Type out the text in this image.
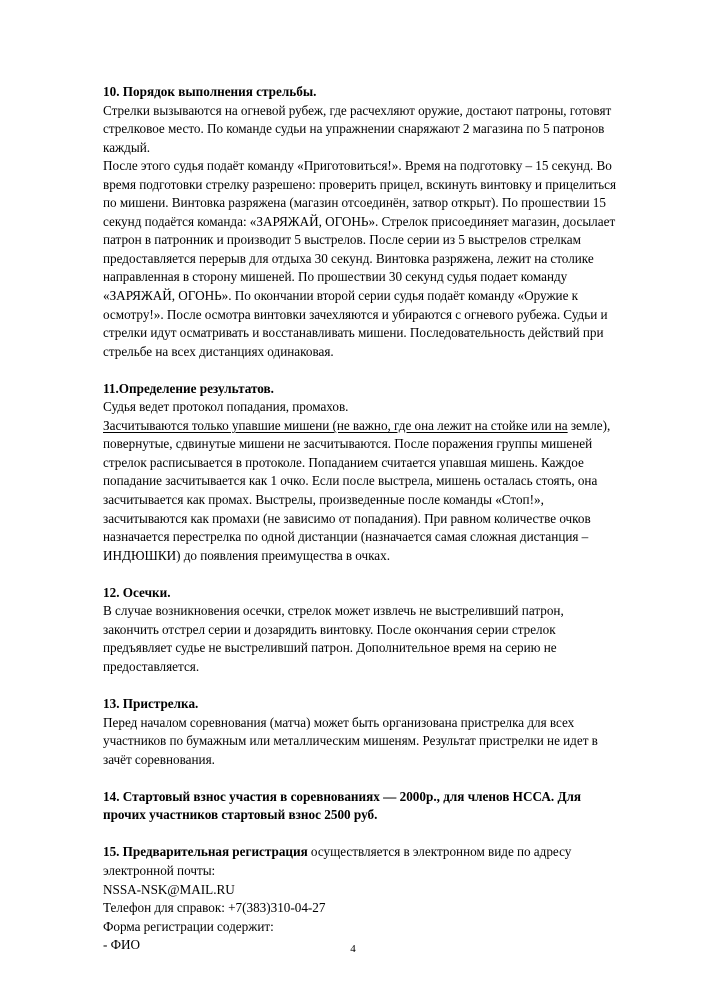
10. Порядок выполнения стрельбы.

Стрелки вызываются на огневой рубеж, где расчехляют оружие, достают патроны, готовят стрелковое место. По команде судьи на упражнении снаряжают 2 магазина по 5 патронов каждый.

После этого судья подаёт команду «Приготовиться!». Время на подготовку – 15 секунд. Во время подготовки стрелку разрешено: проверить прицел, вскинуть винтовку и прицелиться по мишени. Винтовка разряжена (магазин отсоединён, затвор открыт). По прошествии 15 секунд подаётся команда: «ЗАРЯЖАЙ, ОГОНЬ». Стрелок присоединяет магазин, досылает патрон в патронник и производит 5 выстрелов. После серии из 5 выстрелов стрелкам предоставляется перерыв для отдыха 30 секунд. Винтовка разряжена, лежит на столике направленная в сторону мишеней. По прошествии 30 секунд судья подает команду «ЗАРЯЖАЙ, ОГОНЬ». По окончании второй серии судья подаёт команду «Оружие к осмотру!». После осмотра винтовки зачехляются и убираются с огневого рубежа. Судьи и стрелки идут осматривать и восстанавливать мишени. Последовательность действий при стрельбе на всех дистанциях одинаковая.

11.Определение результатов.

Судья ведет протокол попадания, промахов.

Засчитываются только упавшие мишени (не важно, где она лежит на стойке или на земле), повернутые, сдвинутые мишени не засчитываются. После поражения группы мишеней стрелок расписывается в протоколе. Попаданием считается упавшая мишень. Каждое попадание засчитывается как 1 очко. Если после выстрела, мишень осталась стоять, она засчитывается как промах. Выстрелы, произведенные после команды «Стоп!», засчитываются как промахи (не зависимо от попадания). При равном количестве очков назначается перестрелка по одной дистанции (назначается самая сложная дистанция – ИНДЮШКИ) до появления преимущества в очках.

12. Осечки.

В случае возникновения осечки, стрелок может извлечь не выстреливший патрон, закончить отстрел серии и дозарядить винтовку. После окончания серии стрелок предъявляет судье не выстреливший патрон. Дополнительное время на серию не предоставляется.

13. Пристрелка.

Перед началом соревнования (матча) может быть организована пристрелка для всех участников по бумажным или металлическим мишеням. Результат пристрелки не идет в зачёт соревнования.

14. Стартовый взнос участия в соревнованиях — 2000р., для членов НССА. Для прочих участников стартовый взнос 2500 руб.

15. Предварительная регистрация осуществляется в электронном виде по адресу электронной почты:

NSSA-NSK@MAIL.RU

Телефон для справок: +7(383)310-04-27

Форма регистрации содержит:

- ФИО	4
